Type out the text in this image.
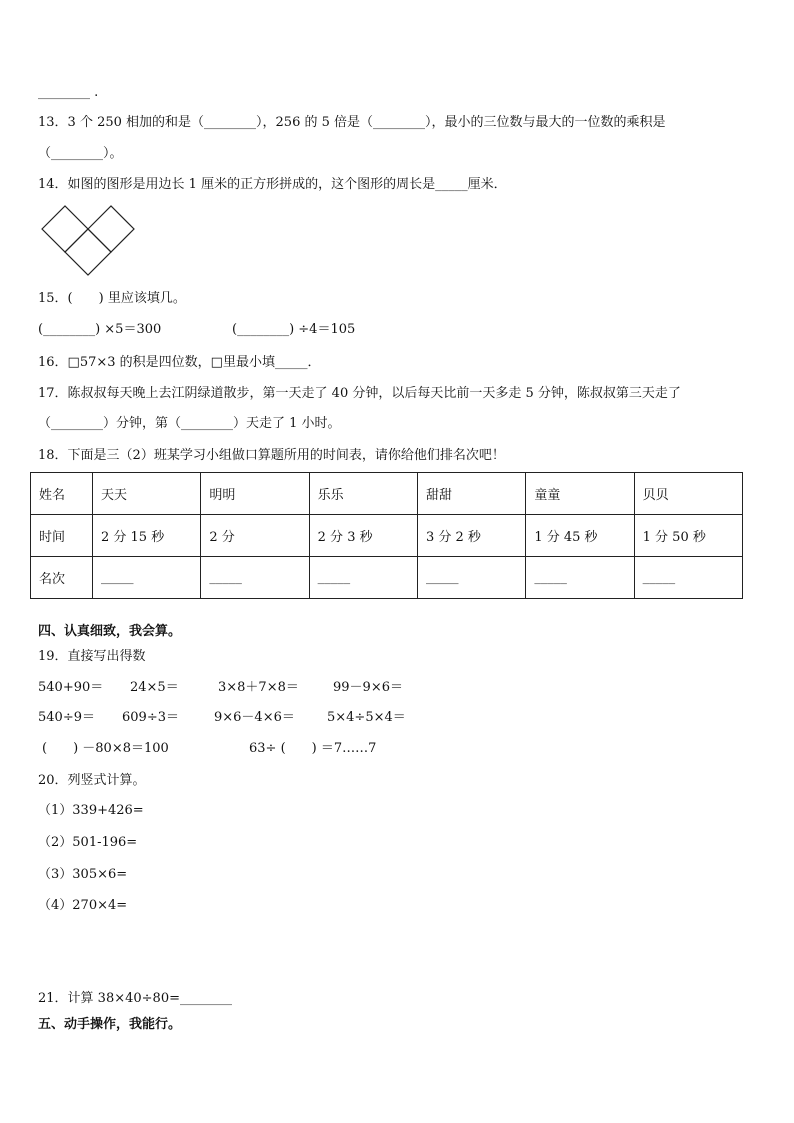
________ .
13．3 个 250 相加的和是（________），256 的 5 倍是（________），最小的三位数与最大的一位数的乘积是
（________）。
14．如图的图形是用边长 1 厘米的正方形拼成的，这个图形的周长是_____厘米．
15．(　　) 里应该填几。
(________) ×5＝300	(________) ÷4＝105
16．□57×3 的积是四位数，□里最小填_____．
17．陈叔叔每天晚上去江阴绿道散步，第一天走了 40 分钟，以后每天比前一天多走 5 分钟，陈叔叔第三天走了
（________）分钟，第（________）天走了 1 小时。
18．下面是三（2）班某学习小组做口算题所用的时间表，请你给他们排名次吧！
姓名	天天	明明	乐乐	甜甜	童童	贝贝
时间	2 分 15 秒	2 分	2 分 3 秒	3 分 2 秒	1 分 45 秒	1 分 50 秒
名次	_____	_____	_____	_____	_____	_____
四、认真细致，我会算。
19．直接写出得数
540+90＝ 24×5＝	3×8＋7×8＝	99－9×6＝
540÷9＝ 609÷3＝	9×6－4×6＝ 5×4÷5×4＝
(　　) －80×8＝100	63÷ (　　) ＝7……7
20．列竖式计算。
（1）339+426=
（2）501-196=
（3）305×6=
（4）270×4=
21．计算 38×40÷80=________
五、动手操作，我能行。
